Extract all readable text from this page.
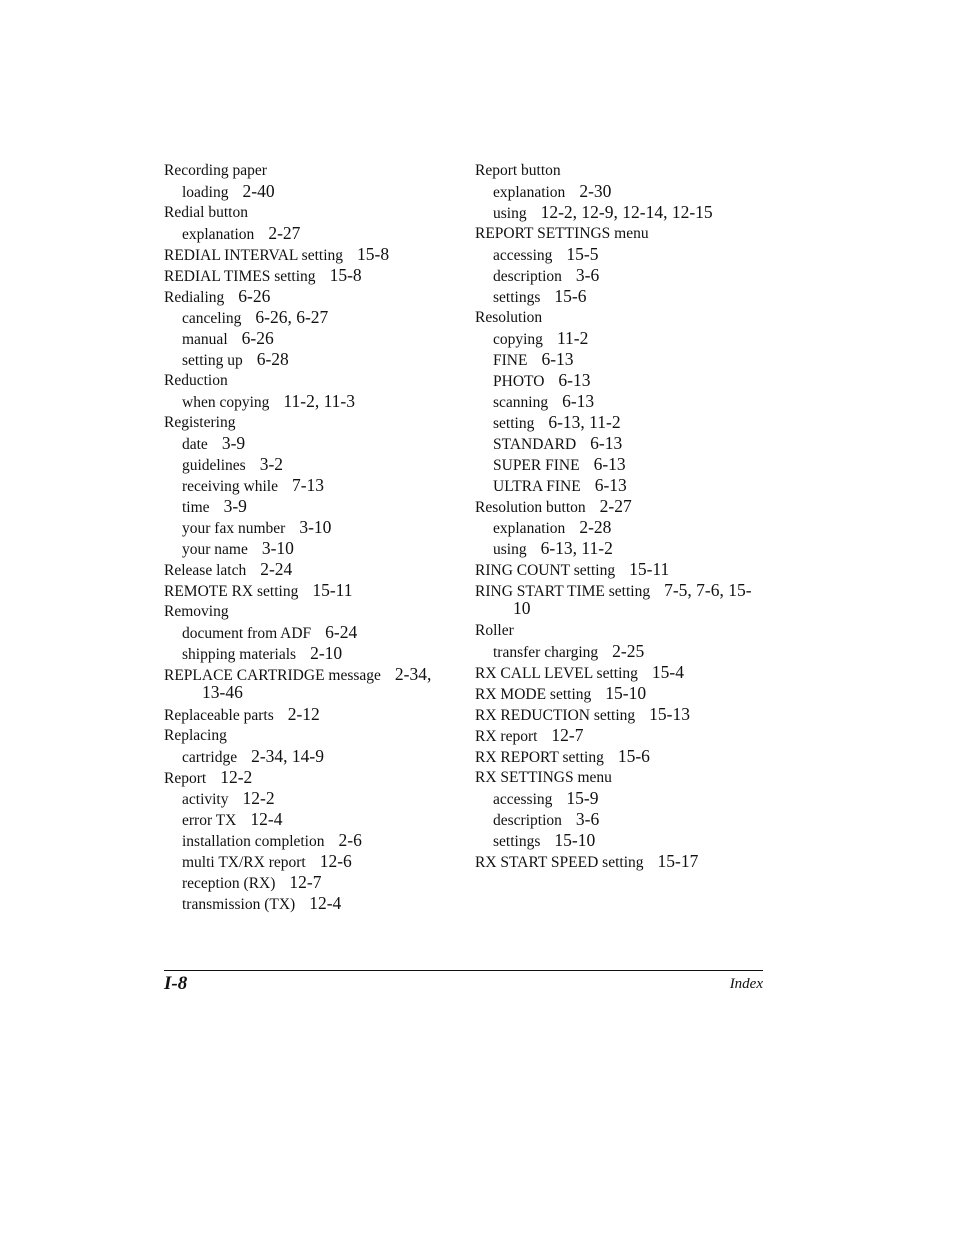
Recording paper
loading 2-40
Redial button
explanation 2-27
REDIAL INTERVAL setting 15-8
REDIAL TIMES setting 15-8
Redialing 6-26
canceling 6-26, 6-27
manual 6-26
setting up 6-28
Reduction
when copying 11-2, 11-3
Registering
date 3-9
guidelines 3-2
receiving while 7-13
time 3-9
your fax number 3-10
your name 3-10
Release latch 2-24
REMOTE RX setting 15-11
Removing
document from ADF 6-24
shipping materials 2-10
REPLACE CARTRIDGE message 2-34,
13-46
Replaceable parts 2-12
Replacing
cartridge 2-34, 14-9
Report 12-2
activity 12-2
error TX 12-4
installation completion 2-6
multi TX/RX report 12-6
reception (RX) 12-7
transmission (TX) 12-4
Report button
explanation 2-30
using 12-2, 12-9, 12-14, 12-15
REPORT SETTINGS menu
accessing 15-5
description 3-6
settings 15-6
Resolution
copying 11-2
FINE 6-13
PHOTO 6-13
scanning 6-13
setting 6-13, 11-2
STANDARD 6-13
SUPER FINE 6-13
ULTRA FINE 6-13
Resolution button 2-27
explanation 2-28
using 6-13, 11-2
RING COUNT setting 15-11
RING START TIME setting 7-5, 7-6, 15-
10
Roller
transfer charging 2-25
RX CALL LEVEL setting 15-4
RX MODE setting 15-10
RX REDUCTION setting 15-13
RX report 12-7
RX REPORT setting 15-6
RX SETTINGS menu
accessing 15-9
description 3-6
settings 15-10
RX START SPEED setting 15-17
I-8	Index
